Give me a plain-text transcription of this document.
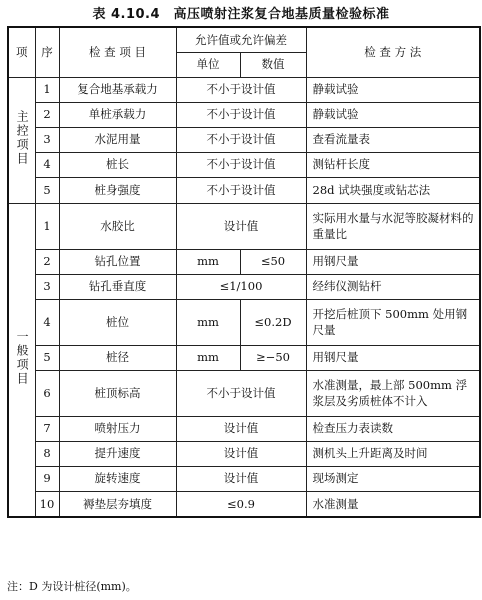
表 4.10.4　高压喷射注浆复合地基质量检验标准
项	序	检 查 项 目	允许值或允许偏差		检 查 方 法
			单位	数值	
主控项目	1	复合地基承载力	不小于设计值		静载试验
	2	单桩承载力	不小于设计值		静载试验
	3	水泥用量	不小于设计值		查看流量表
	4	桩长	不小于设计值		测钻杆长度
	5	桩身强度	不小于设计值		28d 试块强度或钻芯法
一般项目	1	水胶比	设计值		实际用水量与水泥等胶凝材料的重量比
	2	钻孔位置	mm	≤50	用钢尺量
	3	钻孔垂直度	≤1/100		经纬仪测钻杆
	4	桩位	mm	≤0.2D	开挖后桩顶下 500mm 处用钢尺量
	5	桩径	mm	≥−50	用钢尺量
	6	桩顶标高	不小于设计值		水准测量，最上部 500mm 浮浆层及劣质桩体不计入
	7	喷射压力	设计值		检查压力表读数
	8	提升速度	设计值		测机头上升距离及时间
	9	旋转速度	设计值		现场测定
	10	褥垫层夯填度	≤0.9		水准测量
注：D 为设计桩径(mm)。
